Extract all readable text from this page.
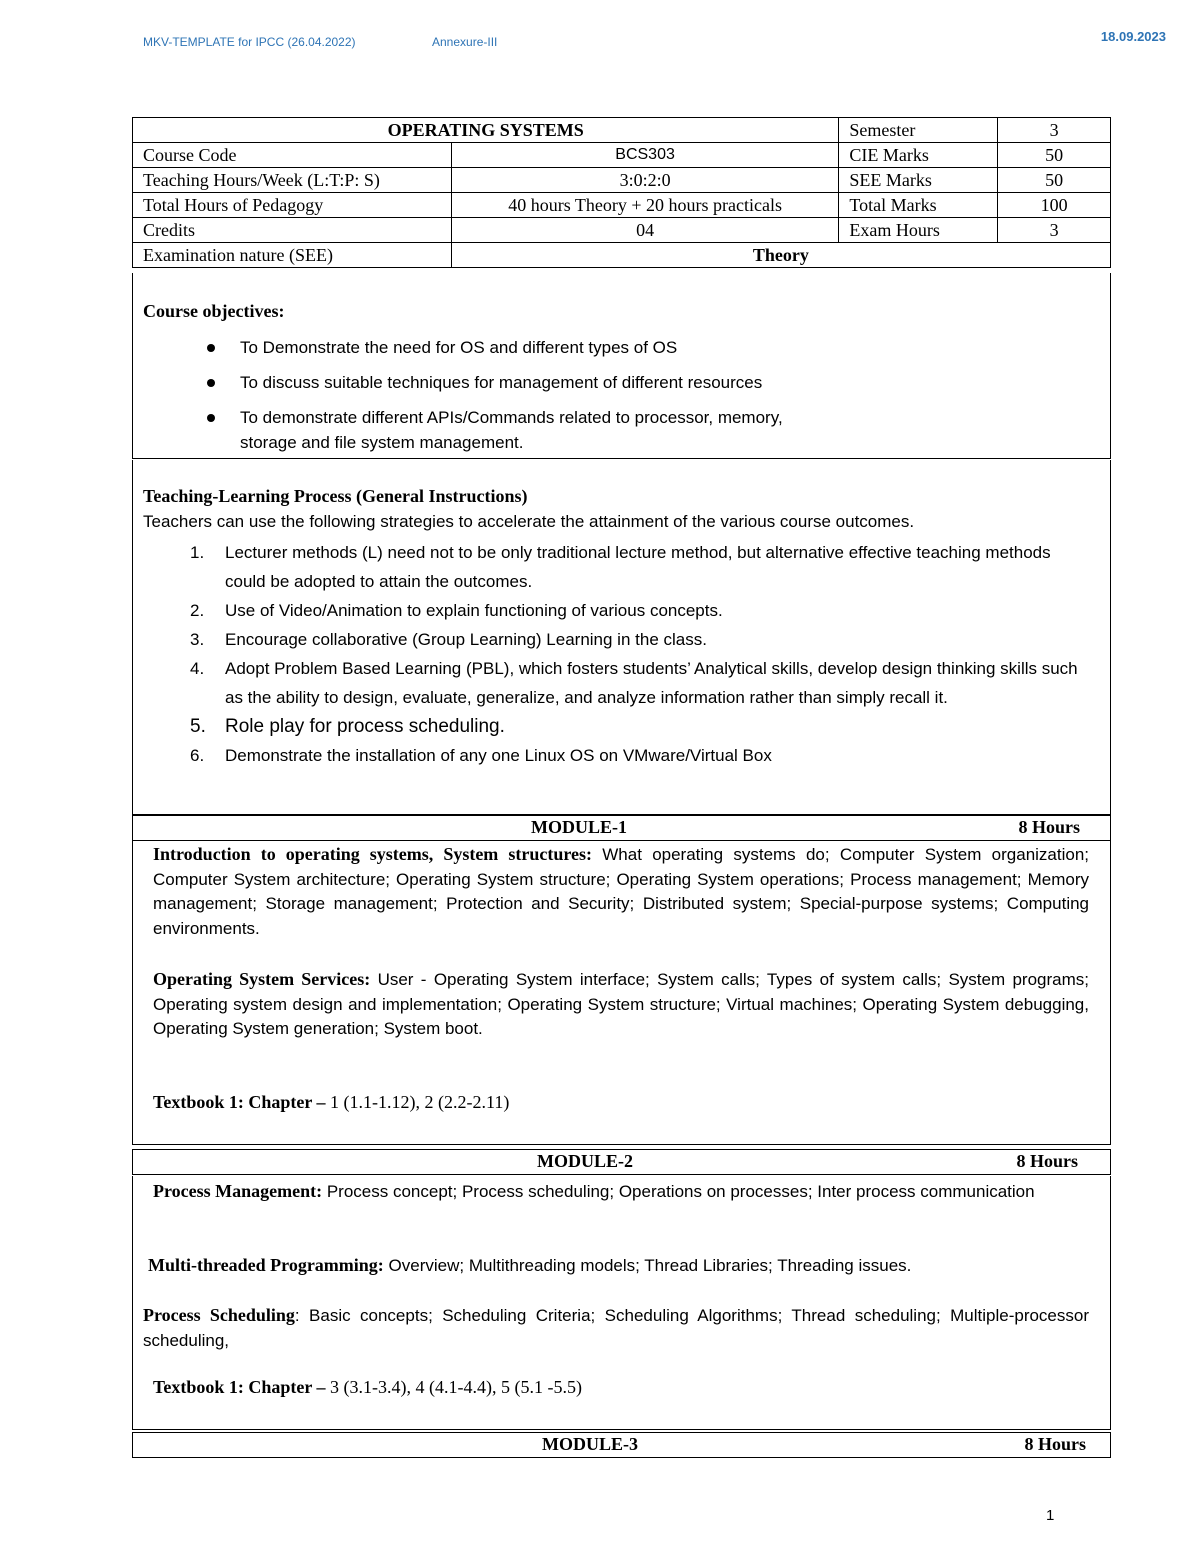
MKV-TEMPLATE for IPCC (26.04.2022)	Annexure-III	18.09.2023
OPERATING SYSTEMS		Semester	3
Course Code	BCS303	CIE Marks	50
Teaching Hours/Week (L:T:P: S)	3:0:2:0	SEE Marks	50
Total Hours of Pedagogy	40 hours Theory + 20 hours practicals	Total Marks	100
Credits	04	Exam Hours	3
Examination nature (SEE)	Theory		
Course objectives:
To Demonstrate the need for OS and different types of OS
To discuss suitable techniques for management of different resources
To demonstrate different APIs/Commands related to processor, memory, storage and file system management.
Teaching-Learning Process (General Instructions)
Teachers can use the following strategies to accelerate the attainment of the various course outcomes.
1. Lecturer methods (L) need not to be only traditional lecture method, but alternative effective teaching methods could be adopted to attain the outcomes.
2. Use of Video/Animation to explain functioning of various concepts.
3. Encourage collaborative (Group Learning) Learning in the class.
4. Adopt Problem Based Learning (PBL), which fosters students’ Analytical skills, develop design thinking skills such as the ability to design, evaluate, generalize, and analyze information rather than simply recall it.
5. Role play for process scheduling.
6. Demonstrate the installation of any one Linux OS on VMware/Virtual Box
MODULE-1	8 Hours
Introduction to operating systems, System structures: What operating systems do; Computer System organization; Computer System architecture; Operating System structure; Operating System operations; Process management; Memory management; Storage management; Protection and Security; Distributed system; Special-purpose systems; Computing environments.
Operating System Services: User - Operating System interface; System calls; Types of system calls; System programs; Operating system design and implementation; Operating System structure; Virtual machines; Operating System debugging, Operating System generation; System boot.
Textbook 1: Chapter – 1 (1.1-1.12), 2 (2.2-2.11)
MODULE-2	8 Hours
Process Management: Process concept; Process scheduling; Operations on processes; Inter process communication
Multi-threaded Programming: Overview; Multithreading models; Thread Libraries; Threading issues.
Process Scheduling: Basic concepts; Scheduling Criteria; Scheduling Algorithms; Thread scheduling; Multiple-processor scheduling,
Textbook 1: Chapter – 3 (3.1-3.4), 4 (4.1-4.4), 5 (5.1 -5.5)
MODULE-3	8 Hours
1
